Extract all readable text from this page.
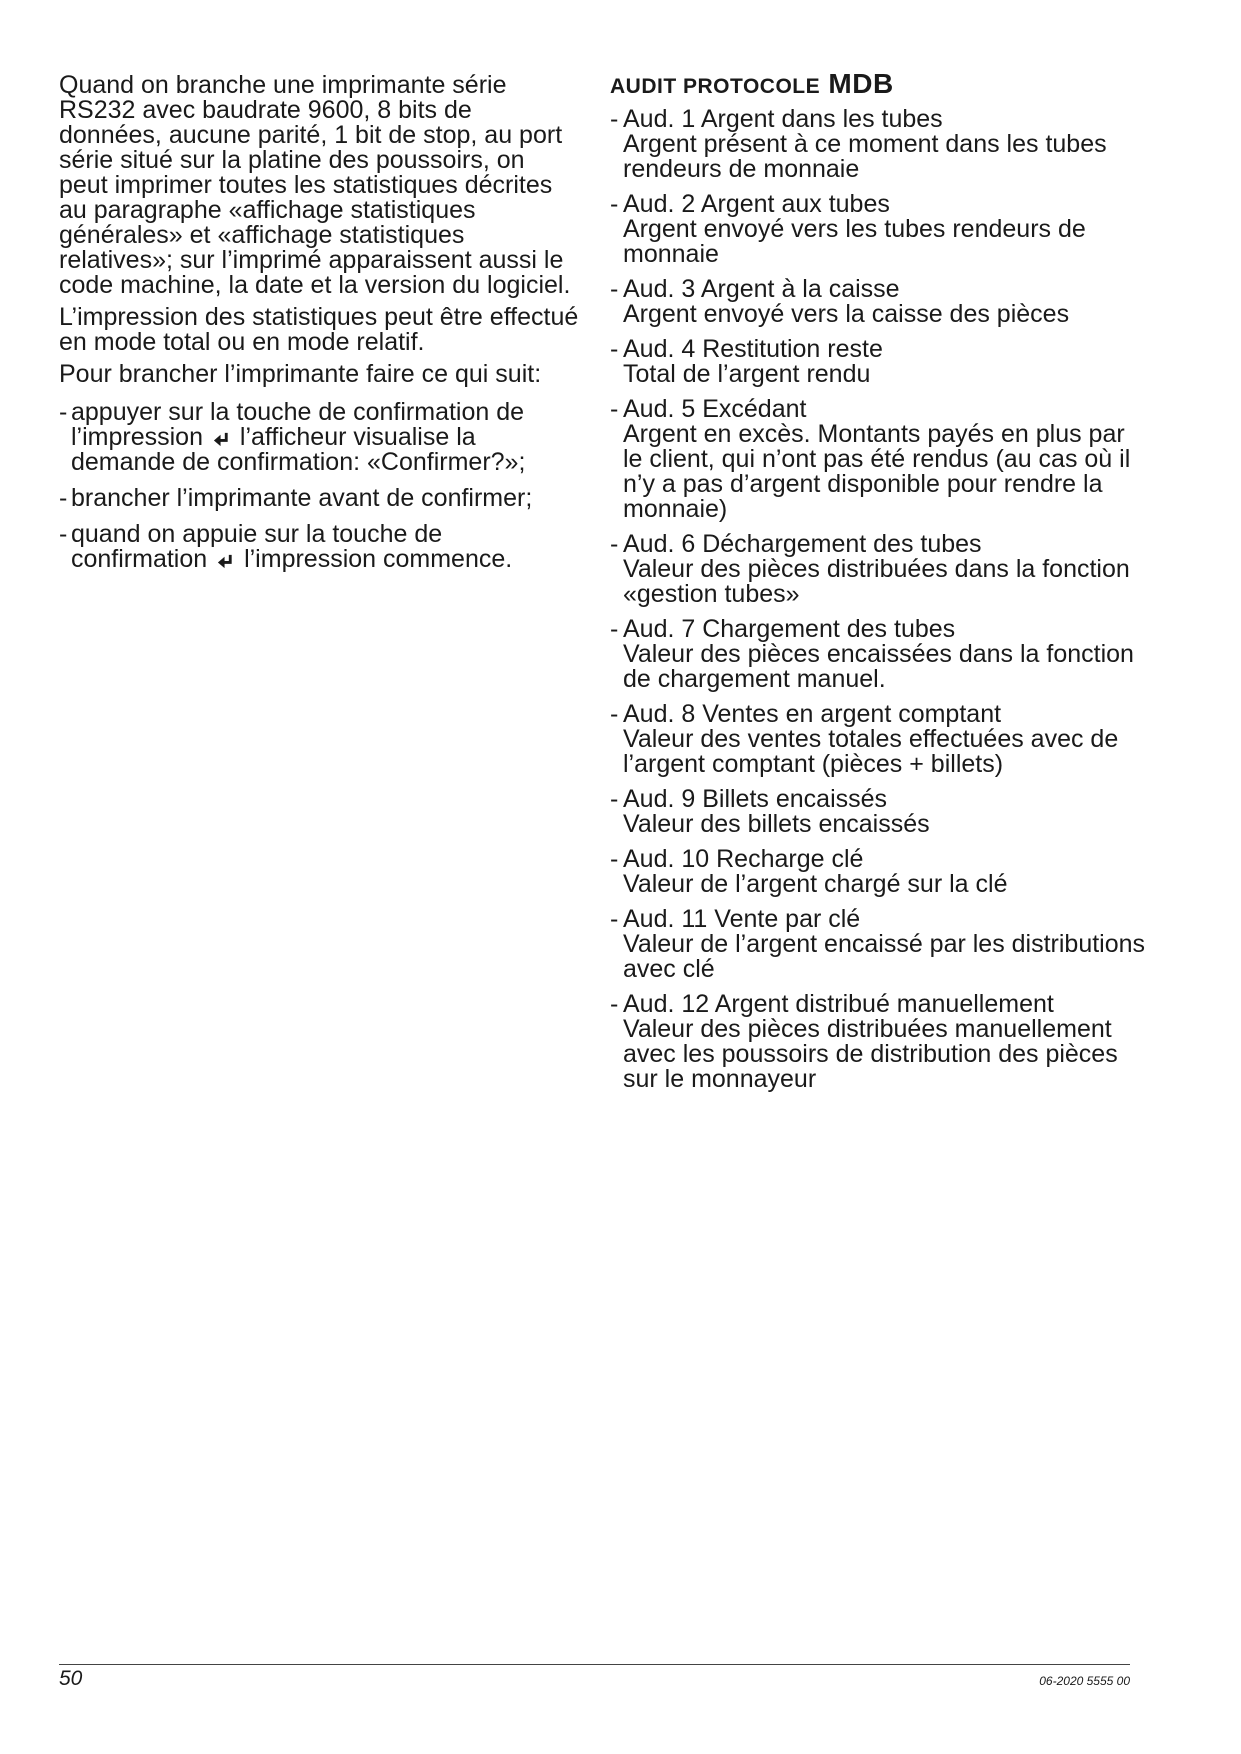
Quand on branche une imprimante série RS232 avec baudrate 9600, 8 bits de données, aucune parité, 1 bit de stop, au port série situé sur la platine des poussoirs, on peut imprimer toutes les statistiques décrites au paragraphe «affichage statistiques générales» et «affichage statistiques relatives»; sur l’imprimé apparaissent aussi le code machine, la date et la version du logiciel.

L’impression des statistiques peut être effectué en mode total ou en mode relatif.

Pour brancher l’imprimante faire ce qui suit:

- appuyer sur la touche de confirmation de l’impression l’afficheur visualise la demande de confirmation: «Confirmer?»;
- brancher l’imprimante avant de confirmer;
- quand on appuie sur la touche de confirmation l’impression commence.
AUDIT PROTOCOLE MDB
- Aud. 1 Argent dans les tubes
Argent présent à ce moment dans les tubes rendeurs de monnaie
- Aud. 2 Argent aux tubes
Argent envoyé vers les tubes rendeurs de monnaie
- Aud. 3 Argent à la caisse
Argent envoyé vers la caisse des pièces
- Aud. 4 Restitution reste
Total de l’argent rendu
- Aud. 5 Excédant
Argent en excès. Montants payés en plus par le client, qui n’ont pas été rendus (au cas où il n’y a pas d’argent disponible pour rendre la monnaie)
- Aud. 6 Déchargement des tubes
Valeur des pièces distribuées dans la fonction «gestion tubes»
- Aud. 7 Chargement des tubes
Valeur des pièces encaissées dans la fonction de chargement manuel.
- Aud. 8 Ventes en argent comptant
Valeur des ventes totales effectuées avec de l’argent comptant (pièces + billets)
- Aud. 9 Billets encaissés
Valeur des billets encaissés
- Aud. 10 Recharge clé
Valeur de l’argent chargé sur la clé
- Aud. 11 Vente par clé
Valeur de l’argent encaissé par les distributions avec clé
- Aud. 12 Argent distribué manuellement
Valeur des pièces distribuées manuellement avec les poussoirs de distribution des pièces sur le monnayeur
50	06-2020 5555 00
